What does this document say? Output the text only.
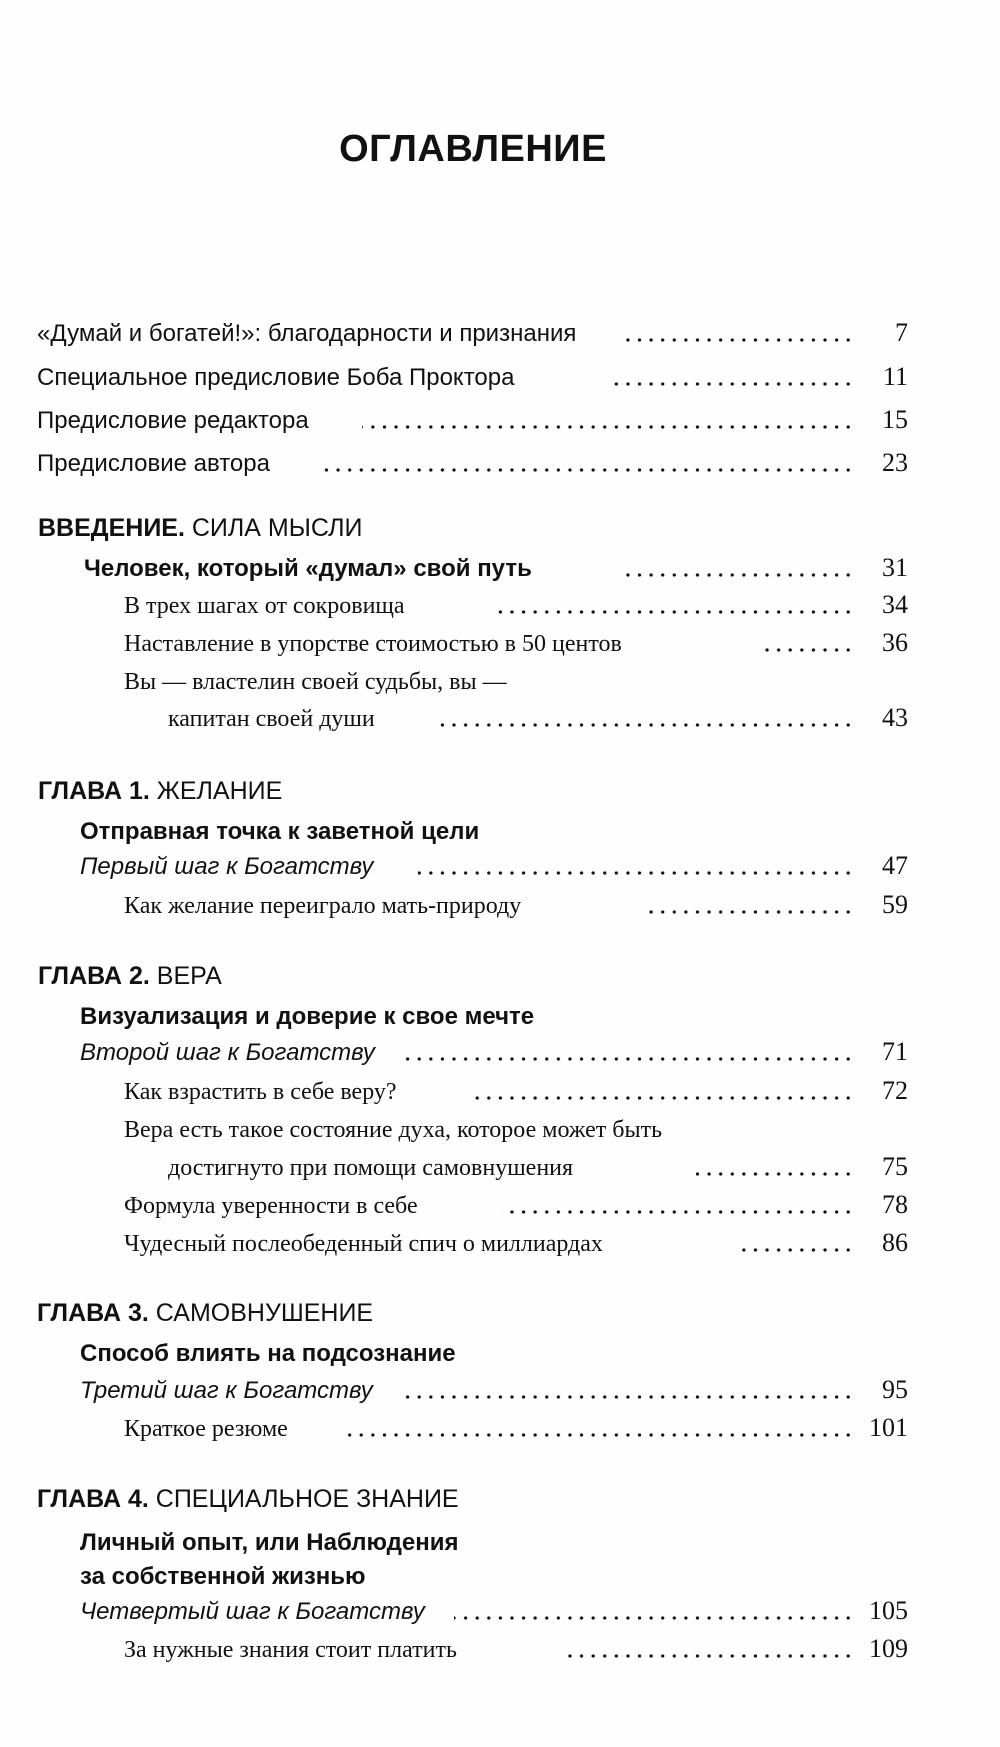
ОГЛАВЛЕНИЕ
«Думай и богатей!»: благодарности и признания	7
Специальное предисловие Боба Проктора	11
Предисловие редактора	15
Предисловие автора	23
ВВЕДЕНИЕ. СИЛА МЫСЛИ
Человек, который «думал» свой путь	31
В трех шагах от сокровища	34
Наставление в упорстве стоимостью в 50 центов	36
Вы — властелин своей судьбы, вы —
капитан своей души	43
ГЛАВА 1. ЖЕЛАНИЕ
Отправная точка к заветной цели
Первый шаг к Богатству	47
Как желание переиграло мать-природу	59
ГЛАВА 2. ВЕРА
Визуализация и доверие к свое мечте
Второй шаг к Богатству	71
Как взрастить в себе веру?	72
Вера есть такое состояние духа, которое может быть
достигнуто при помощи самовнушения	75
Формула уверенности в себе	78
Чудесный послеобеденный спич о миллиардах	86
ГЛАВА 3. САМОВНУШЕНИЕ
Способ влиять на подсознание
Третий шаг к Богатству	95
Краткое резюме	101
ГЛАВА 4. СПЕЦИАЛЬНОЕ ЗНАНИЕ
Личный опыт, или Наблюдения
за собственной жизнью
Четвертый шаг к Богатству	105
За нужные знания стоит платить	109
